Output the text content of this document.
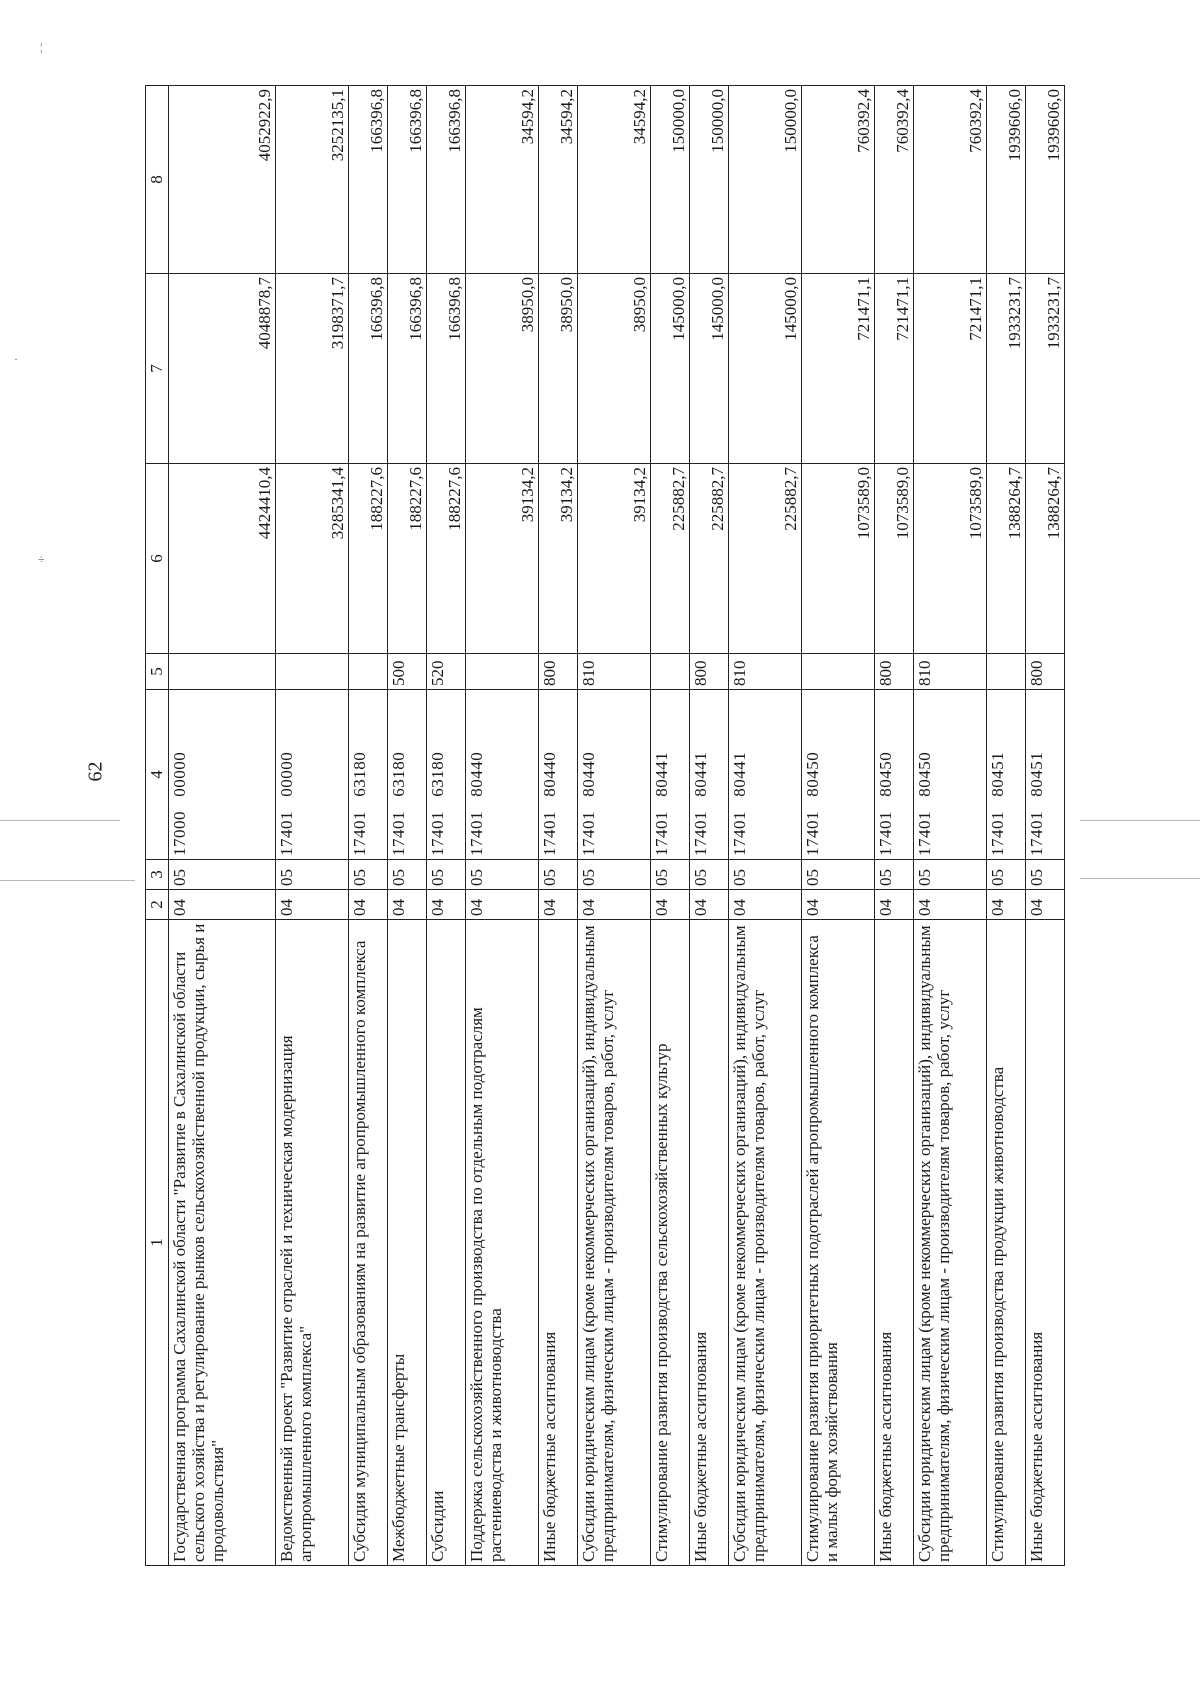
¦
÷
·
62
1	2	3	4	5	6	7	8
Государственная программа Сахалинской области "Развитие в Сахалинской области сельского хозяйства и регулирование рынков сельскохозяйственной продукции, сырья и продовольствия"	04	05	17000   00000		4424410,4	4048878,7	4052922,9
Ведомственный проект "Развитие отраслей и техническая модернизация агропромышленного комплекса"	04	05	17401   00000		3285341,4	3198371,7	3252135,1
Субсидия муниципальным образованиям на развитие агропромышленного комплекса	04	05	17401   63180		188227,6	166396,8	166396,8
Межбюджетные трансферты	04	05	17401   63180	500	188227,6	166396,8	166396,8
Субсидии	04	05	17401   63180	520	188227,6	166396,8	166396,8
Поддержка сельскохозяйственного производства по отдельным подотраслям растениеводства и животноводства	04	05	17401   80440		39134,2	38950,0	34594,2
Иные бюджетные ассигнования	04	05	17401   80440	800	39134,2	38950,0	34594,2
Субсидии юридическим лицам (кроме некоммерческих организаций), индивидуальным предпринимателям, физическим лицам - производителям товаров, работ, услуг	04	05	17401   80440	810	39134,2	38950,0	34594,2
Стимулирование развития производства сельскохозяйственных культур	04	05	17401   80441		225882,7	145000,0	150000,0
Иные бюджетные ассигнования	04	05	17401   80441	800	225882,7	145000,0	150000,0
Субсидии юридическим лицам (кроме некоммерческих организаций), индивидуальным предпринимателям, физическим лицам - производителям товаров, работ, услуг	04	05	17401   80441	810	225882,7	145000,0	150000,0
Стимулирование развития приоритетных подотраслей агропромышленного комплекса и малых форм хозяйствования	04	05	17401   80450		1073589,0	721471,1	760392,4
Иные бюджетные ассигнования	04	05	17401   80450	800	1073589,0	721471,1	760392,4
Субсидии юридическим лицам (кроме некоммерческих организаций), индивидуальным предпринимателям, физическим лицам - производителям товаров, работ, услуг	04	05	17401   80450	810	1073589,0	721471,1	760392,4
Стимулирование развития производства продукции животноводства	04	05	17401   80451		1388264,7	1933231,7	1939606,0
Иные бюджетные ассигнования	04	05	17401   80451	800	1388264,7	1933231,7	1939606,0
